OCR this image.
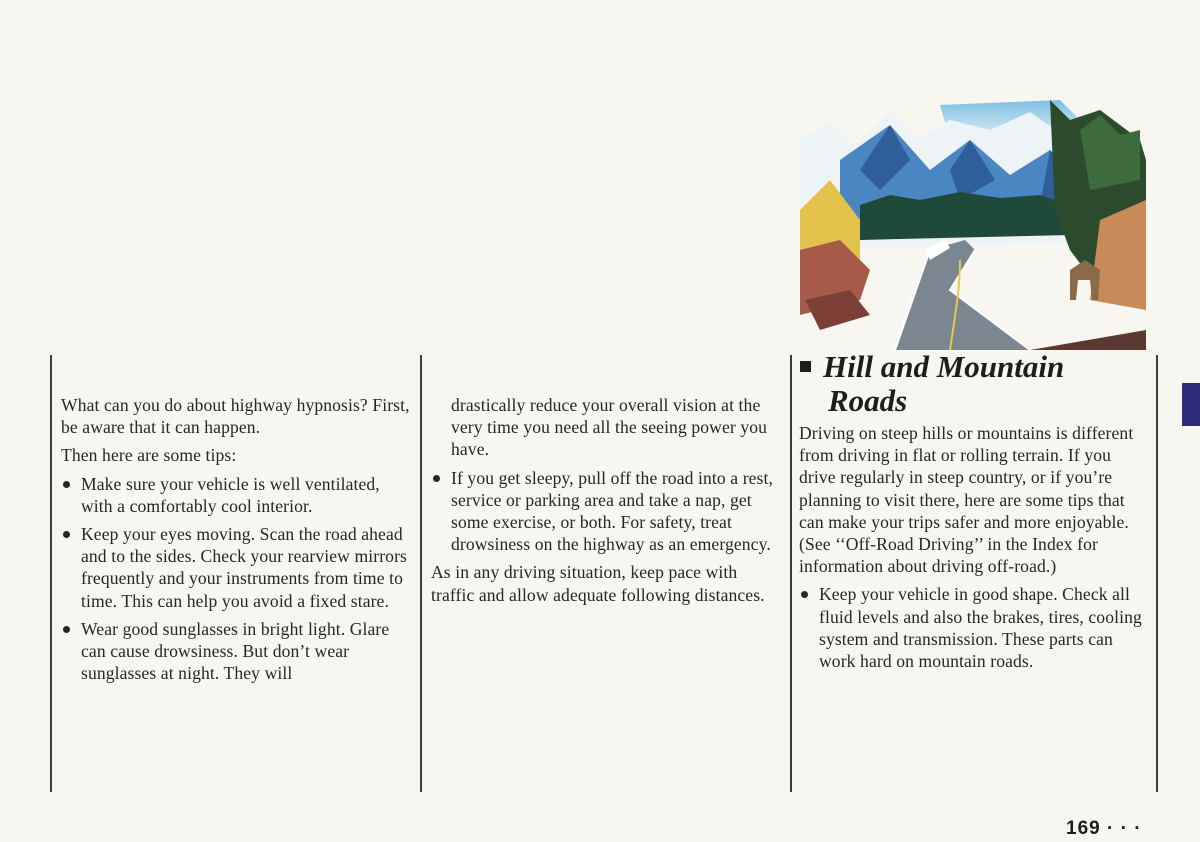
What can you do about highway hypnosis? First, be aware that it can happen.

Then here are some tips:

Make sure your vehicle is well ventilated, with a comfortably cool interior.
Keep your eyes moving. Scan the road ahead and to the sides. Check your rearview mirrors frequently and your instruments from time to time. This can help you avoid a fixed stare.
Wear good sunglasses in bright light. Glare can cause drowsiness. But don’t wear sunglasses at night. They will
drastically reduce your overall vision at the very time you need all the seeing power you have.
If you get sleepy, pull off the road into a rest, service or parking area and take a nap, get some exercise, or both. For safety, treat drowsiness on the highway as an emergency.

As in any driving situation, keep pace with traffic and allow adequate following distances.

Hill and Mountain
Roads

Driving on steep hills or mountains is different from driving in flat or rolling terrain. If you drive regularly in steep country, or if you’re planning to visit there, here are some tips that can make your trips safer and more enjoyable. (See ‘‘Off-Road Driving’’ in the Index for information about driving off-road.)

Keep your vehicle in good shape. Check all fluid levels and also the brakes, tires, cooling system and transmission. These parts can work hard on mountain roads.
169 · · ·
